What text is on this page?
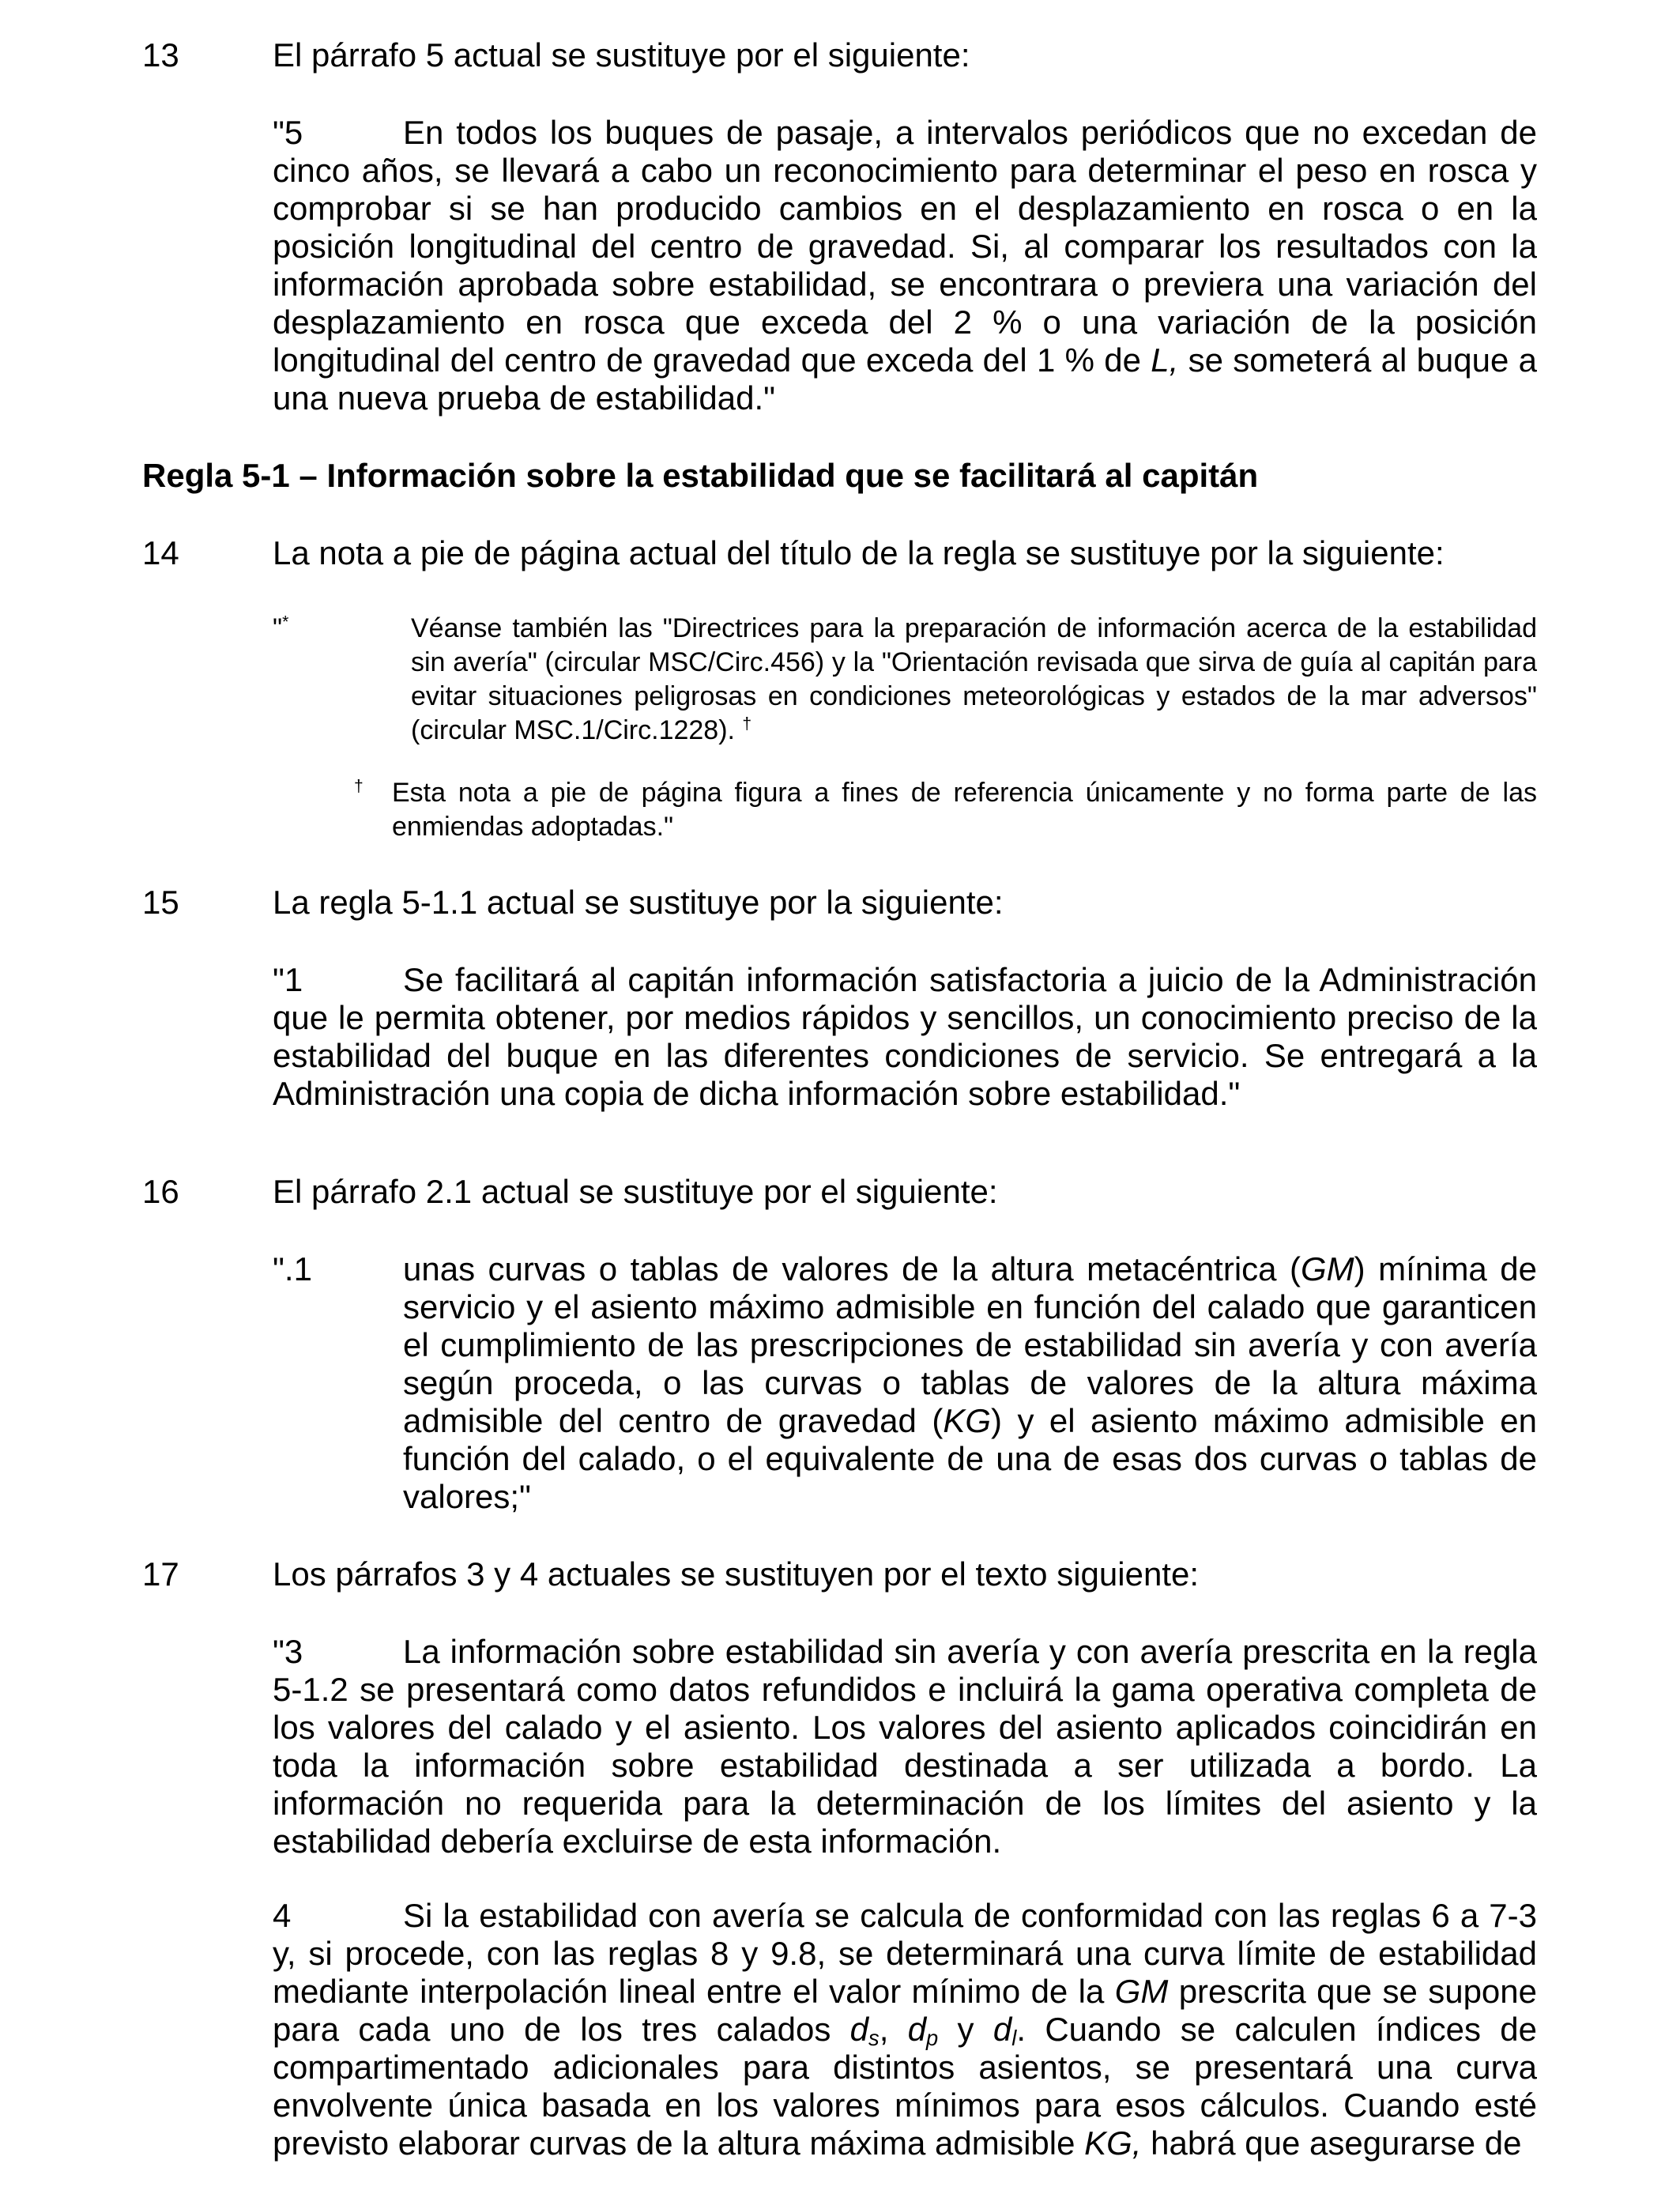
13	El párrafo 5 actual se sustituye por el siguiente:
"5	En todos los buques de pasaje, a intervalos periódicos que no excedan de cinco años, se llevará a cabo un reconocimiento para determinar el peso en rosca y comprobar si se han producido cambios en el desplazamiento en rosca o en la posición longitudinal del centro de gravedad. Si, al comparar los resultados con la información aprobada sobre estabilidad, se encontrara o previera una variación del desplazamiento en rosca que exceda del 2 % o una variación de la posición longitudinal del centro de gravedad que exceda del 1 % de L, se someterá al buque a una nueva prueba de estabilidad."
Regla 5-1 – Información sobre la estabilidad que se facilitará al capitán
14	La nota a pie de página actual del título de la regla se sustituye por la siguiente:
"*	Véanse también las "Directrices para la preparación de información acerca de la estabilidad sin avería" (circular MSC/Circ.456) y la "Orientación revisada que sirva de guía al capitán para evitar situaciones peligrosas en condiciones meteorológicas y estados de la mar adversos" (circular MSC.1/Circ.1228). †
† Esta nota a pie de página figura a fines de referencia únicamente y no forma parte de las enmiendas adoptadas."
15	La regla 5-1.1 actual se sustituye por la siguiente:
"1	Se facilitará al capitán información satisfactoria a juicio de la Administración que le permita obtener, por medios rápidos y sencillos, un conocimiento preciso de la estabilidad del buque en las diferentes condiciones de servicio. Se entregará a la Administración una copia de dicha información sobre estabilidad."
16	El párrafo 2.1 actual se sustituye por el siguiente:
".1	unas curvas o tablas de valores de la altura metacéntrica (GM) mínima de servicio y el asiento máximo admisible en función del calado que garanticen el cumplimiento de las prescripciones de estabilidad sin avería y con avería según proceda, o las curvas o tablas de valores de la altura máxima admisible del centro de gravedad (KG) y el asiento máximo admisible en función del calado, o el equivalente de una de esas dos curvas o tablas de valores;"
17	Los párrafos 3 y 4 actuales se sustituyen por el texto siguiente:
"3	La información sobre estabilidad sin avería y con avería prescrita en la regla 5-1.2 se presentará como datos refundidos e incluirá la gama operativa completa de los valores del calado y el asiento. Los valores del asiento aplicados coincidirán en toda la información sobre estabilidad destinada a ser utilizada a bordo. La información no requerida para la determinación de los límites del asiento y la estabilidad debería excluirse de esta información.
4	Si la estabilidad con avería se calcula de conformidad con las reglas 6 a 7-3 y, si procede, con las reglas 8 y 9.8, se determinará una curva límite de estabilidad mediante interpolación lineal entre el valor mínimo de la GM prescrita que se supone para cada uno de los tres calados ds, dp y dl. Cuando se calculen índices de compartimentado adicionales para distintos asientos, se presentará una curva envolvente única basada en los valores mínimos para esos cálculos. Cuando esté previsto elaborar curvas de la altura máxima admisible KG, habrá que asegurarse de
